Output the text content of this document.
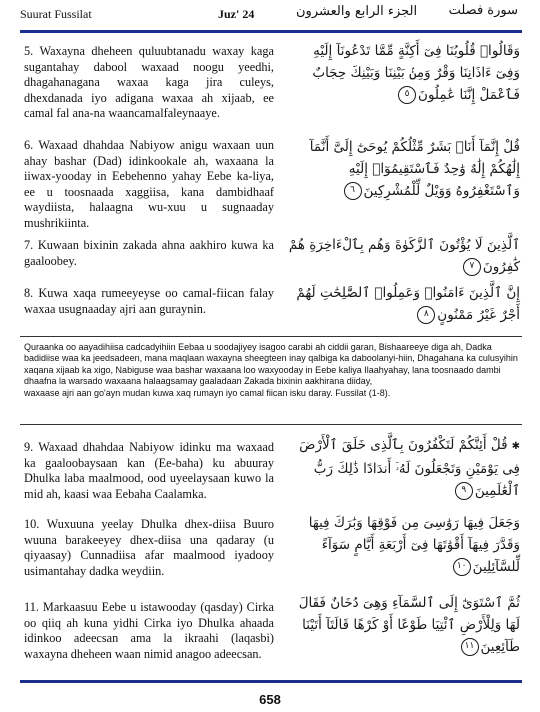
Suurat Fussilat	Juz' 24	الجزء الرابع والعشرون سورة فصلت
5. Waxayna dheheen quluubtanadu waxay kaga sugantahay dabool waxaad noogu yeedhi, dhagahanagana waxaa kaga jira culeys, dhexdanada iyo adigana waxaa ah xijaab, ee camal fal ana-na waancamalfaleynaaye.
وَقَالُوا۟ قُلُوبُنَا فِىٓ أَكِنَّةٍ مِّمَّا تَدْعُونَآ إِلَيْهِ وَفِىٓ ءَاذَانِنَا وَقْرٌ وَمِنۢ بَيْنِنَا وَبَيْنِكَ حِجَابٌ فَٱعْمَلْ إِنَّنَا عَٰمِلُونَ٥
6. Waxaad dhahdaa Nabiyow anigu waxaan uun ahay bashar (Dad) idinkookale ah, waxaana la iiwax-yooday in Eebehenno yahay Eebe ka-liya, ee u toosnaada xaggiisa, kana dambidhaaf waydiista, halaagna wu-xuu u sugnaaday mushrikiinta.
قُلْ إِنَّمَآ أَنَا۠ بَشَرٌ مِّثْلُكُمْ يُوحَىٰٓ إِلَىَّ أَنَّمَآ إِلَٰهُكُمْ إِلَٰهٌ وَٰحِدٌ فَٱسْتَقِيمُوٓا۟ إِلَيْهِ وَٱسْتَغْفِرُوهُ وَوَيْلٌ لِّلْمُشْرِكِينَ٦
7. Kuwaan bixinin zakada ahna aakhiro kuwa ka gaaloobey.
ٱلَّذِينَ لَا يُؤْتُونَ ٱلزَّكَوٰةَ وَهُم بِٱلْءَاخِرَةِ هُمْ كَٰفِرُونَ٧
8. Kuwa xaqa rumeeyeyse oo camal-fiican falay waxaa usugnaaday ajri aan guraynin.
إِنَّ ٱلَّذِينَ ءَامَنُوا۟ وَعَمِلُوا۟ ٱلصَّٰلِحَٰتِ لَهُمْ أَجْرٌ غَيْرُ مَمْنُونٍ٨

Quraanka oo aayadihiisa cadcadyihiin Eebaa u soodajiyey isagoo carabi ah ciddii garan, Bishaareeye diga ah, Dadka badidiise waa ka jeedsadeen, mana maqlaan waxayna sheegteen inay qalbiga ka daboolanyi-hiin, Dhagahana ka culusyihin xaqana xijaab ka xigo, Nabiguse waa bashar waxaana loo waxyooday in Eebe kaliya Ilaahyahay, lana toosnaado dambi dhaafna la warsado waxaana halaagsamay gaaladaan Zakada bixinin aakhirana diiday,

waxaase ajri aan go'ayn mudan kuwa xaq rumayn iyo camal fiican isku daray. Fussilat (1-8).

9. Waxaad dhahdaa Nabiyow idinku ma waxaad ka gaaloobaysaan kan (Ee-baha) ku abuuray Dhulka laba maalmood, ood uyeelaysaan kuwo la mid ah, kaasi waa Eebaha Caalamka.
✱قُلْ أَئِنَّكُمْ لَتَكْفُرُونَ بِٱلَّذِى خَلَقَ ٱلْأَرْضَ فِى يَوْمَيْنِ وَتَجْعَلُونَ لَهُۥٓ أَندَادًا ذَٰلِكَ رَبُّ ٱلْعَٰلَمِينَ٩
10. Wuxuuna yeelay Dhulka dhex-diisa Buuro wuuna barakeeyey dhex-diisa una qadaray (u qiyaasay) Cunnadiisa afar maalmood iyadooy usimantahay dadka weydiin.
وَجَعَلَ فِيهَا رَوَٰسِىَ مِن فَوْقِهَا وَبَٰرَكَ فِيهَا وَقَدَّرَ فِيهَآ أَقْوَٰتَهَا فِىٓ أَرْبَعَةِ أَيَّامٍ سَوَآءً لِّلسَّآئِلِينَ١٠
11. Markaasuu Eebe u istawooday (qasday) Cirka oo qiiq ah kuna yidhi Cirka iyo Dhulka ahaada idinkoo adeecsan ama la ikraahi (laqasbi) waxayna dheheen waan nimid anagoo adeecsan.
ثُمَّ ٱسْتَوَىٰٓ إِلَى ٱلسَّمَآءِ وَهِىَ دُخَانٌ فَقَالَ لَهَا وَلِلْأَرْضِ ٱئْتِيَا طَوْعًا أَوْ كَرْهًا قَالَتَآ أَتَيْنَا طَآئِعِينَ١١
658
